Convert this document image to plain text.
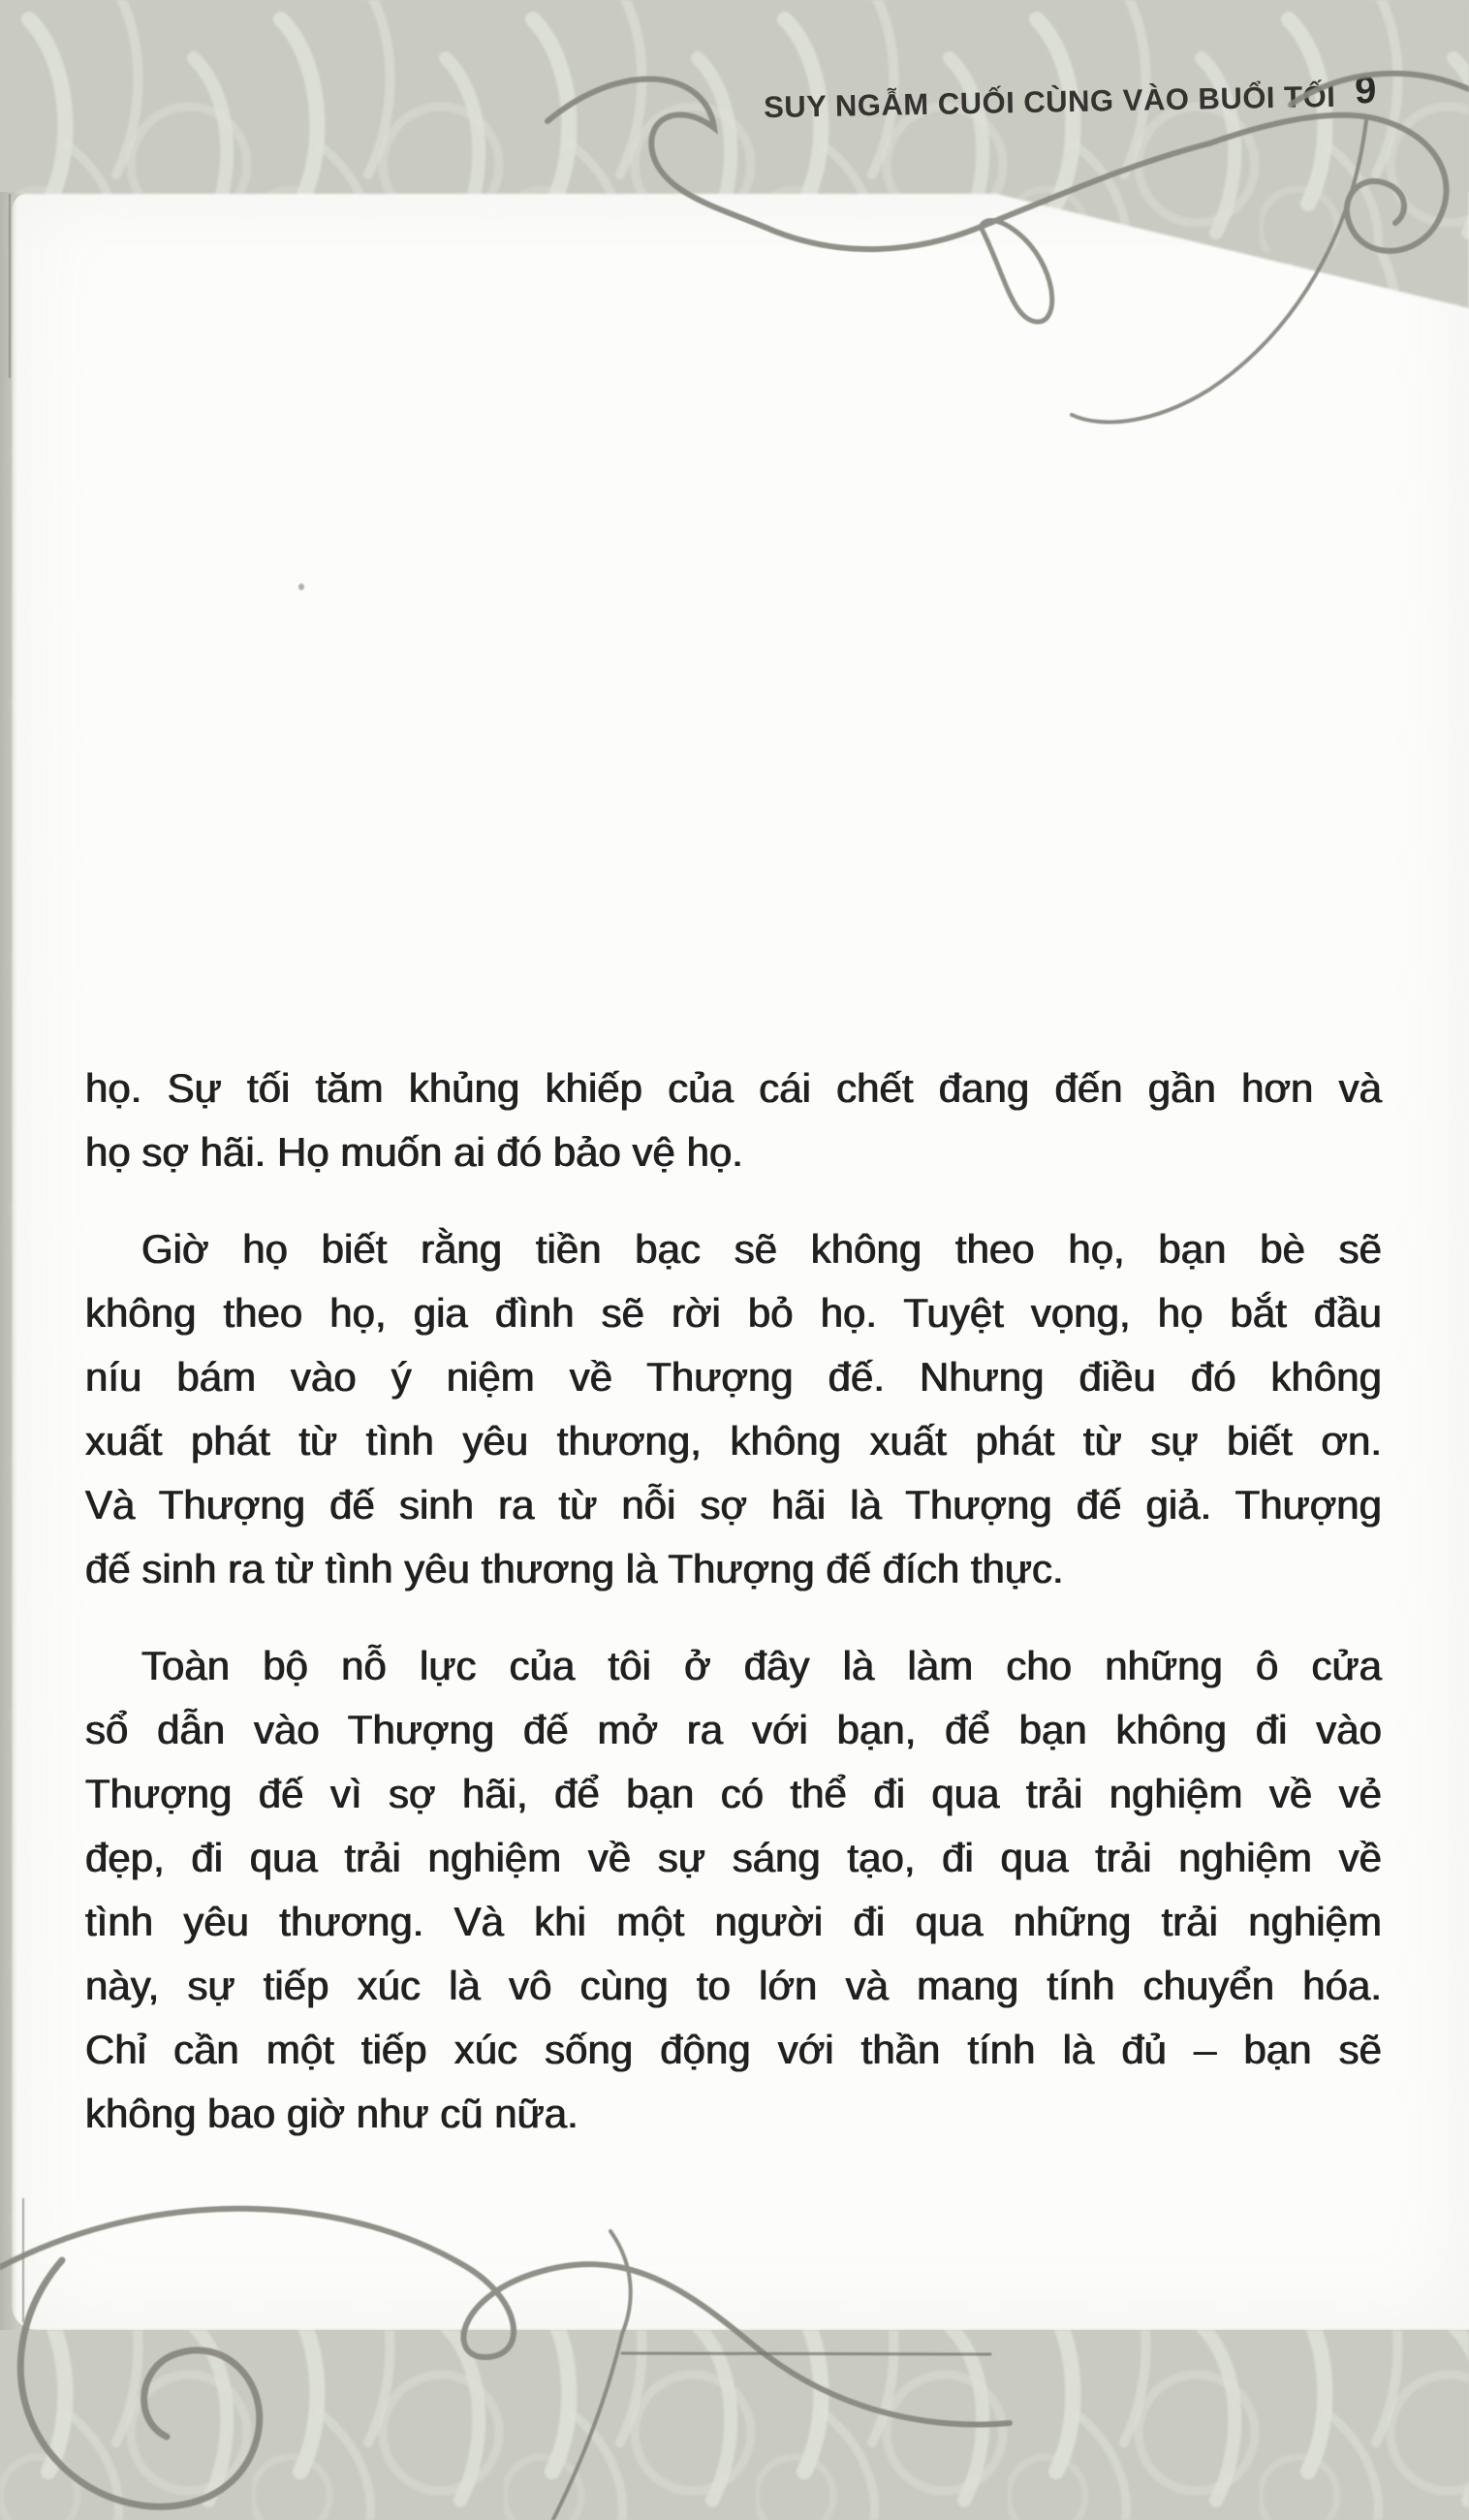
SUY NGẪM CUỐI CÙNG VÀO BUỔI TỐI 9
họ. Sự tối tăm khủng khiếp của cái chết đang đến gần hơn và
họ sợ hãi. Họ muốn ai đó bảo vệ họ.
Giờ họ biết rằng tiền bạc sẽ không theo họ, bạn bè sẽ
không theo họ, gia đình sẽ rời bỏ họ. Tuyệt vọng, họ bắt đầu
níu bám vào ý niệm về Thượng đế. Nhưng điều đó không
xuất phát từ tình yêu thương, không xuất phát từ sự biết ơn.
Và Thượng đế sinh ra từ nỗi sợ hãi là Thượng đế giả. Thượng
đế sinh ra từ tình yêu thương là Thượng đế đích thực.
Toàn bộ nỗ lực của tôi ở đây là làm cho những ô cửa
sổ dẫn vào Thượng đế mở ra với bạn, để bạn không đi vào
Thượng đế vì sợ hãi, để bạn có thể đi qua trải nghiệm về vẻ
đẹp, đi qua trải nghiệm về sự sáng tạo, đi qua trải nghiệm về
tình yêu thương. Và khi một người đi qua những trải nghiệm
này, sự tiếp xúc là vô cùng to lớn và mang tính chuyển hóa.
Chỉ cần một tiếp xúc sống động với thần tính là đủ – bạn sẽ
không bao giờ như cũ nữa.
